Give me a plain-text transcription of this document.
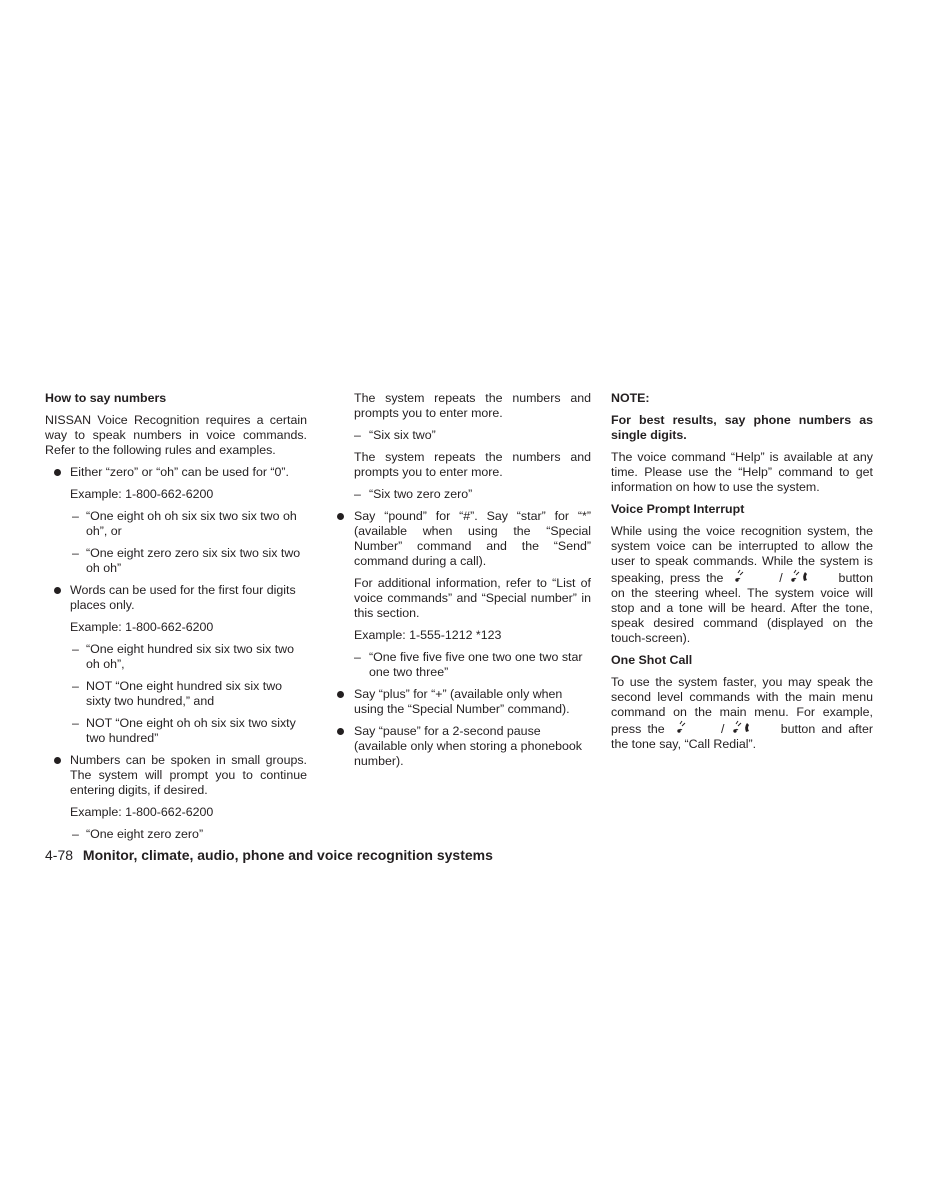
How to say numbers

NISSAN Voice Recognition requires a certain way to speak numbers in voice commands. Refer to the following rules and examples.

Either “zero” or “oh” can be used for “0”.

Example: 1-800-662-6200

– “One eight oh oh six six two six two oh oh”, or
– “One eight zero zero six six two six two oh oh”
Words can be used for the first four digits places only.

Example: 1-800-662-6200

– “One eight hundred six six two six two oh oh”,
– NOT “One eight hundred six six two sixty two hundred,” and
– NOT “One eight oh oh six six two sixty two hundred”
Numbers can be spoken in small groups. The system will prompt you to continue entering digits, if desired.

Example: 1-800-662-6200

– “One eight zero zero”

The system repeats the numbers and prompts you to enter more.

– “Six six two”

The system repeats the numbers and prompts you to enter more.

– “Six two zero zero”
Say “pound” for “#”. Say “star” for “*” (available when using the “Special Number” command and the “Send” command during a call).

For additional information, refer to “List of voice commands” and “Special number” in this section.

Example: 1-555-1212 *123

– “One five five five one two one two star one two three”
Say “plus” for “+” (available only when using the “Special Number” command).
Say “pause” for a 2-second pause (available only when storing a phonebook number).

NOTE:

For best results, say phone numbers as single digits.

The voice command “Help” is available at any time. Please use the “Help” command to get information on how to use the system.

Voice Prompt Interrupt

While using the voice recognition system, the system voice can be interrupted to allow the user to speak commands. While the system is speaking, press the	/	button on the steering wheel. The system voice will stop and a tone will be heard. After the tone, speak desired command (displayed on the touch-screen).

One Shot Call

To use the system faster, you may speak the second level commands with the main menu command on the main menu. For example, press the	/	button and after the tone say, “Call Redial”.

4-78 Monitor, climate, audio, phone and voice recognition systems
